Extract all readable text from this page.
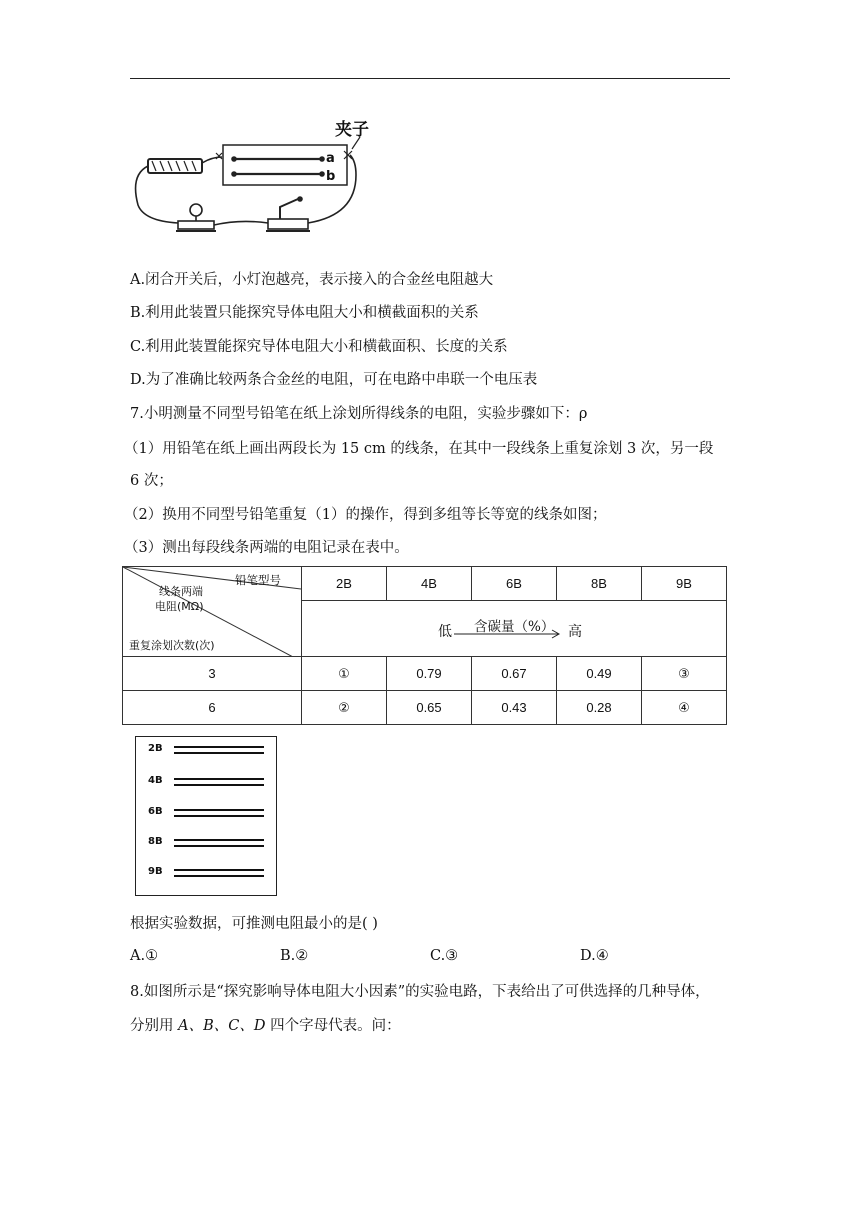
夹子
a
b
A.闭合开关后，小灯泡越亮，表示接入的合金丝电阻越大
B.利用此装置只能探究导体电阻大小和横截面积的关系
C.利用此装置能探究导体电阻大小和横截面积、长度的关系
D.为了准确比较两条合金丝的电阻，可在电路中串联一个电压表
7.小明测量不同型号铅笔在纸上涂划所得线条的电阻，实验步骤如下：ρ
（1）用铅笔在纸上画出两段长为 15 cm 的线条，在其中一段线条上重复涂划 3 次，另一段
6 次；
（2）换用不同型号铅笔重复（1）的操作，得到多组等长等宽的线条如图；
（3）测出每段线条两端的电阻记录在表中。
铅笔型号
线条两端
电阻(MΩ)
重复涂划次数(次)	2B	4B	6B	8B	9B

	低 含碳量（%） 高				

3	①	0.79	0.67	0.49	③
6	②	0.65	0.43	0.28	④
2B
4B
6B
8B
9B
根据实验数据，可推测电阻最小的是( )
A.①	B.②	C.③	D.④
8.如图所示是“探究影响导体电阻大小因素”的实验电路，下表给出了可供选择的几种导体，
分别用 A、B、C、D 四个字母代表。问：
